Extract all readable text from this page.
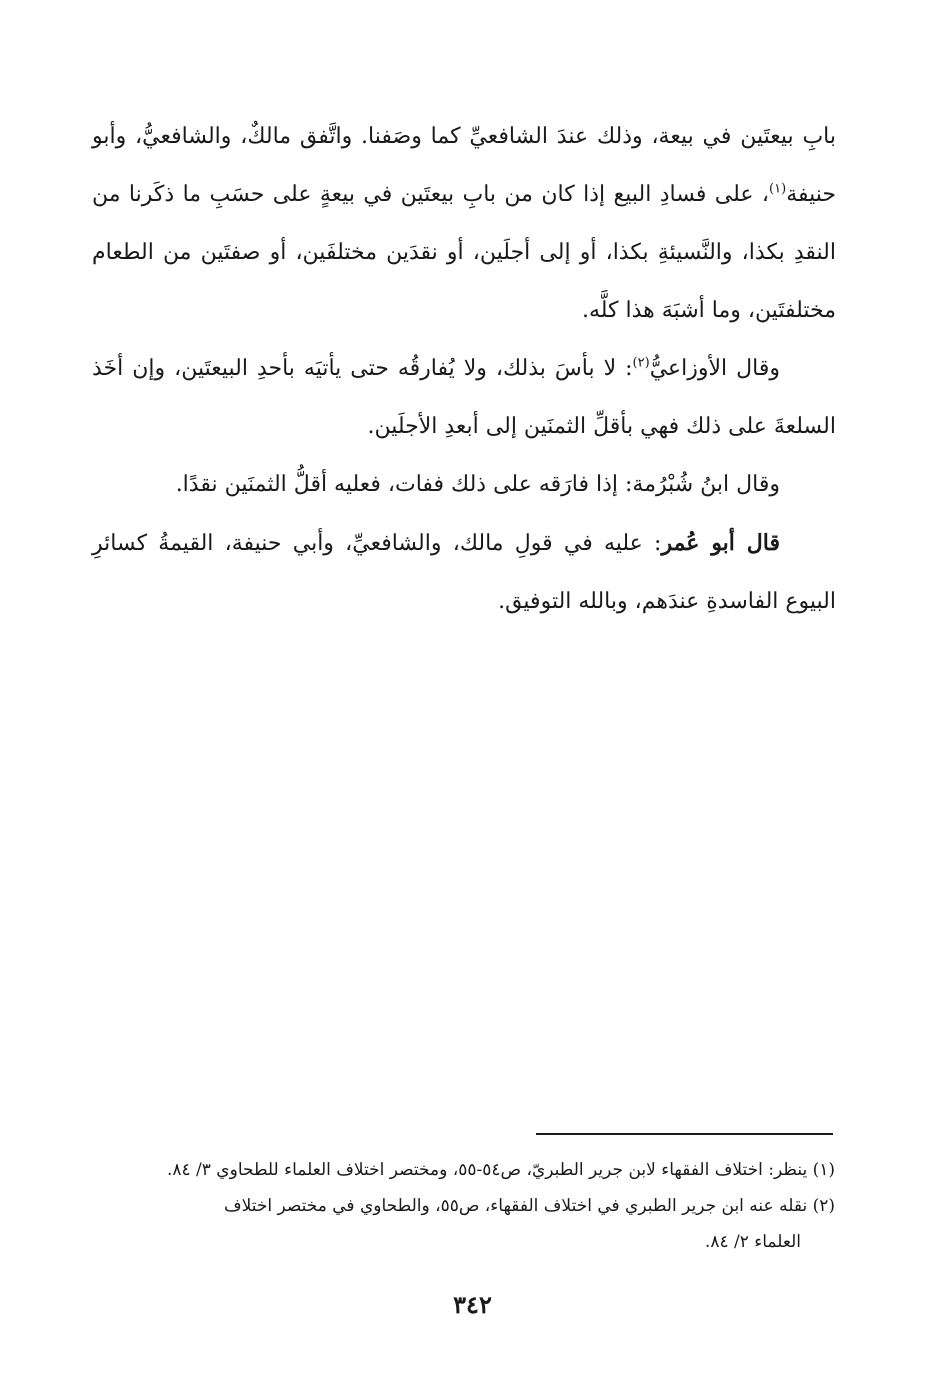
بابِ بيعتَين في بيعة، وذلك عندَ الشافعيِّ كما وصَفنا. واتَّفق مالكٌ، والشافعيُّ، وأبو حنيفة$^{(١)}$، على فسادِ البيع إذا كان من بابِ بيعتَين في بيعةٍ على حسَبِ ما ذكَرنا من النقدِ بكذا، والنَّسيئةِ بكذا، أو إلى أجلَين، أو نقدَين مختلفَين، أو صفتَين من الطعام مختلفتَين، وما أشبَهَ هذا كلَّه.

وقال الأوزاعيُّ$^{(٢)}$: لا بأسَ بذلك، ولا يُفارقُه حتى يأتيَه بأحدِ البيعتَين، وإن أخَذ السلعةَ على ذلك فهي بأقلِّ الثمنَين إلى أبعدِ الأجلَين.

وقال ابنُ شُبْرُمة: إذا فارَقه على ذلك ففات، فعليه أقلُّ الثمنَين نقدًا.

قال أبو عُمر: عليه في قولِ مالك، والشافعيِّ، وأبي حنيفة، القيمةُ كسائرِ البيوع الفاسدةِ عندَهم، وبالله التوفيق.

(١) ينظر: اختلاف الفقهاء لابن جرير الطبريّ، ص٥٤-٥٥، ومختصر اختلاف العلماء للطحاوي ٣/ ٨٤.

(٢) نقله عنه ابن جرير الطبري في اختلاف الفقهاء، ص٥٥، والطحاوي في مختصر اختلاف

العلماء ٢/ ٨٤.

٣٤٢
